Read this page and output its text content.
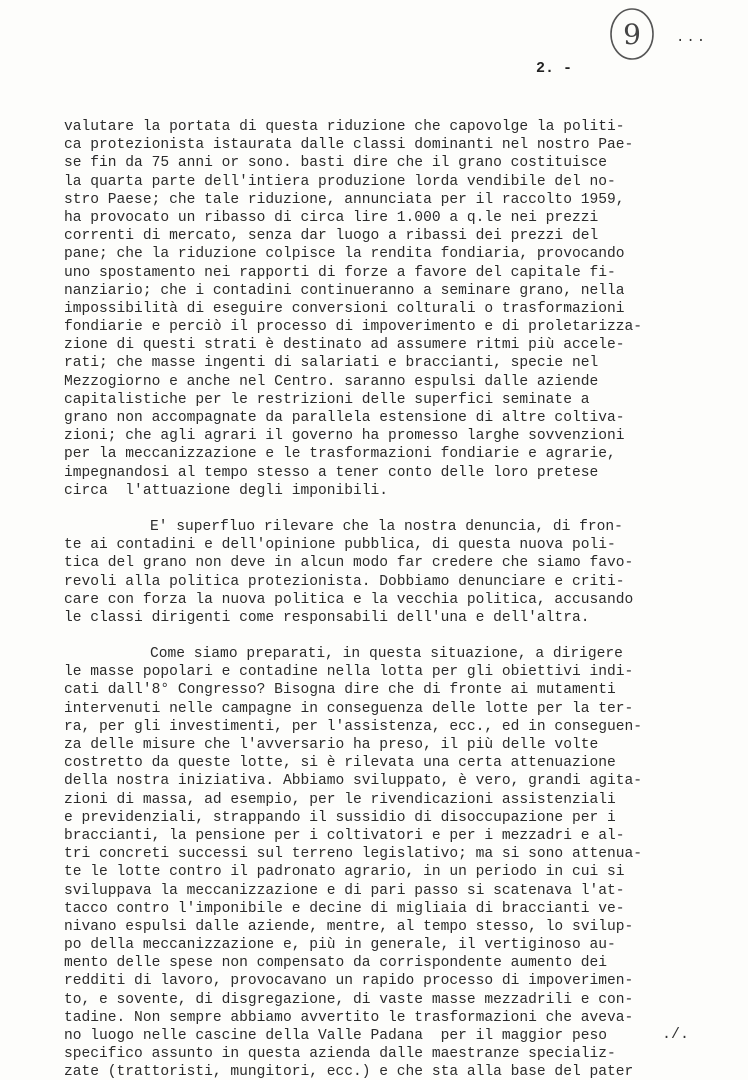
9	...
2. -
valutare la portata di questa riduzione che capovolge la politi-
ca protezionista istaurata dalle classi dominanti nel nostro Pae-
se fin da 75 anni or sono. basti dire che il grano costituisce
la quarta parte dell'intiera produzione lorda vendibile del no-
stro Paese; che tale riduzione, annunciata per il raccolto 1959,
ha provocato un ribasso di circa lire 1.000 a q.le nei prezzi
correnti di mercato, senza dar luogo a ribassi dei prezzi del
pane; che la riduzione colpisce la rendita fondiaria, provocando
uno spostamento nei rapporti di forze a favore del capitale fi-
nanziario; che i contadini continueranno a seminare grano, nella
impossibilità di eseguire conversioni colturali o trasformazioni
fondiarie e perciò il processo di impoverimento e di proletarizza-
zione di questi strati è destinato ad assumere ritmi più accele-
rati; che masse ingenti di salariati e braccianti, specie nel
Mezzogiorno e anche nel Centro. saranno espulsi dalle aziende
capitalistiche per le restrizioni delle superfici seminate a
grano non accompagnate da parallela estensione di altre coltiva-
zioni; che agli agrari il governo ha promesso larghe sovvenzioni
per la meccanizzazione e le trasformazioni fondiarie e agrarie,
impegnandosi al tempo stesso a tener conto delle loro pretese
circa  l'attuazione degli imponibili.
E' superfluo rilevare che la nostra denuncia, di fron-
te ai contadini e dell'opinione pubblica, di questa nuova poli-
tica del grano non deve in alcun modo far credere che siamo favo-
revoli alla politica protezionista. Dobbiamo denunciare e criti-
care con forza la nuova politica e la vecchia politica, accusando
le classi dirigenti come responsabili dell'una e dell'altra.
Come siamo preparati, in questa situazione, a dirigere
le masse popolari e contadine nella lotta per gli obiettivi indi-
cati dall'8° Congresso? Bisogna dire che di fronte ai mutamenti
intervenuti nelle campagne in conseguenza delle lotte per la ter-
ra, per gli investimenti, per l'assistenza, ecc., ed in conseguen-
za delle misure che l'avversario ha preso, il più delle volte
costretto da queste lotte, si è rilevata una certa attenuazione
della nostra iniziativa. Abbiamo sviluppato, è vero, grandi agita-
zioni di massa, ad esempio, per le rivendicazioni assistenziali
e previdenziali, strappando il sussidio di disoccupazione per i
braccianti, la pensione per i coltivatori e per i mezzadri e al-
tri concreti successi sul terreno legislativo; ma si sono attenua-
te le lotte contro il padronato agrario, in un periodo in cui si
sviluppava la meccanizzazione e di pari passo si scatenava l'at-
tacco contro l'imponibile e decine di migliaia di braccianti ve-
nivano espulsi dalle aziende, mentre, al tempo stesso, lo svilup-
po della meccanizzazione e, più in generale, il vertiginoso au-
mento delle spese non compensato da corrispondente aumento dei
redditi di lavoro, provocavano un rapido processo di impoverimen-
to, e sovente, di disgregazione, di vaste masse mezzadrili e con-
tadine. Non sempre abbiamo avvertito le trasformazioni che aveva-
no luogo nelle cascine della Valle Padana  per il maggior peso
specifico assunto in questa azienda dalle maestranze specializ-
zate (trattoristi, mungitori, ecc.) e che sta alla base del pater
./.
